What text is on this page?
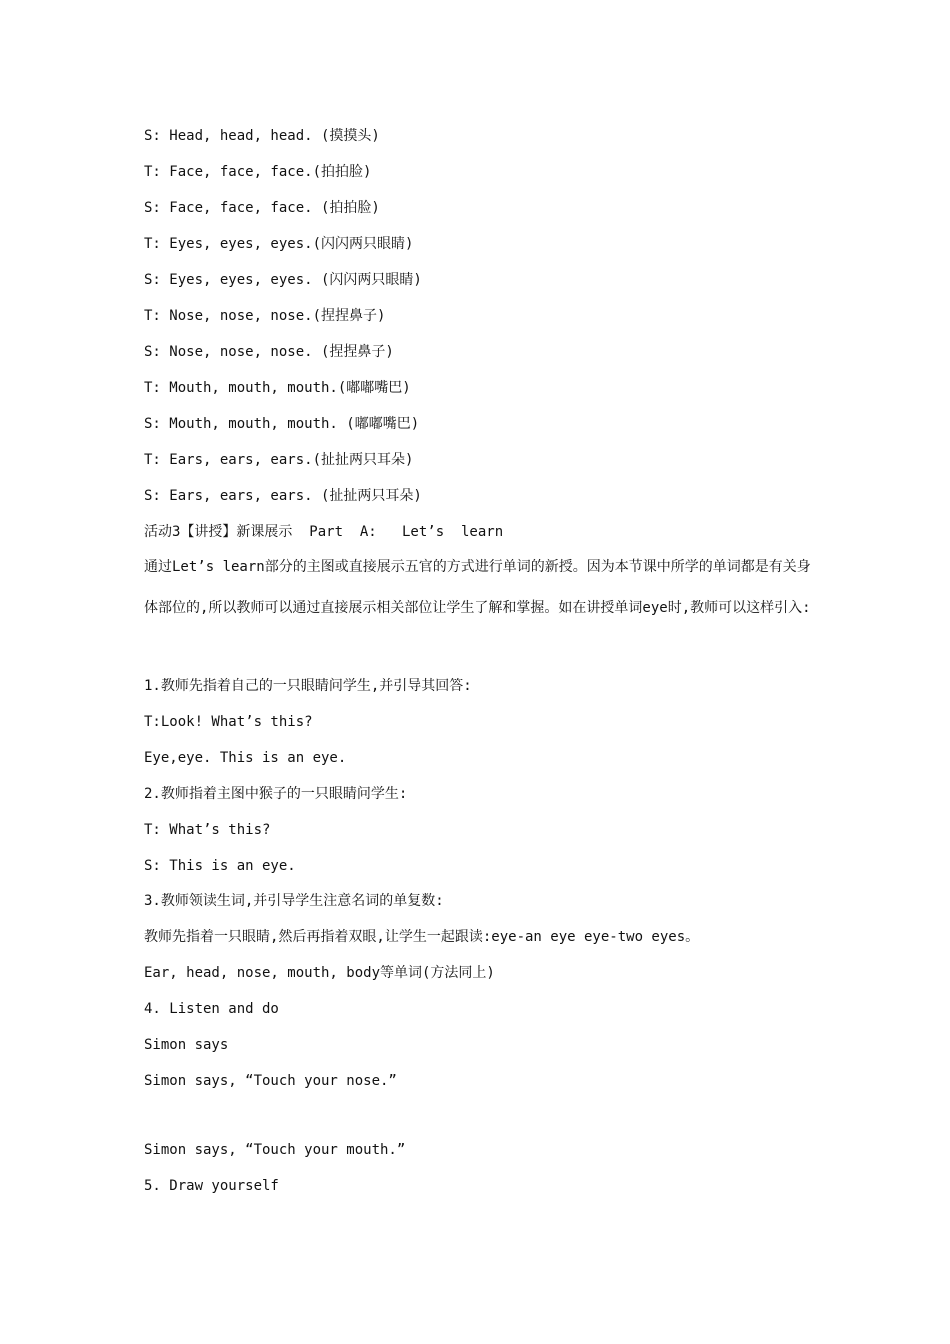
S: Head, head, head. (摸摸头)
T: Face, face, face.(拍拍脸)
S: Face, face, face. (拍拍脸)
T: Eyes, eyes, eyes.(闪闪两只眼睛)
S: Eyes, eyes, eyes. (闪闪两只眼睛)
T: Nose, nose, nose.(捏捏鼻子)
S: Nose, nose, nose. (捏捏鼻子)
T: Mouth, mouth, mouth.(嘟嘟嘴巴)
S: Mouth, mouth, mouth. (嘟嘟嘴巴)
T: Ears, ears, ears.(扯扯两只耳朵)
S: Ears, ears, ears. (扯扯两只耳朵)
活动3【讲授】新课展示  Part  A:   Let’s  learn
通过Let’s learn部分的主图或直接展示五官的方式进行单词的新授。因为本节课中所学的单词都是有关身体部位的,所以教师可以通过直接展示相关部位让学生了解和掌握。如在讲授单词eye时,教师可以这样引入:
1.教师先指着自己的一只眼睛问学生,并引导其回答:
T:Look! What’s this?
Eye,eye. This is an eye.
2.教师指着主图中猴子的一只眼睛问学生:
T: What’s this?
S: This is an eye.
3.教师领读生词,并引导学生注意名词的单复数:
教师先指着一只眼睛,然后再指着双眼,让学生一起跟读:eye-an eye eye-two eyes。
Ear, head, nose, mouth, body等单词(方法同上)
4. Listen and do
Simon says
Simon says, “Touch your nose.”
Simon says, “Touch your mouth.”
5. Draw yourself
